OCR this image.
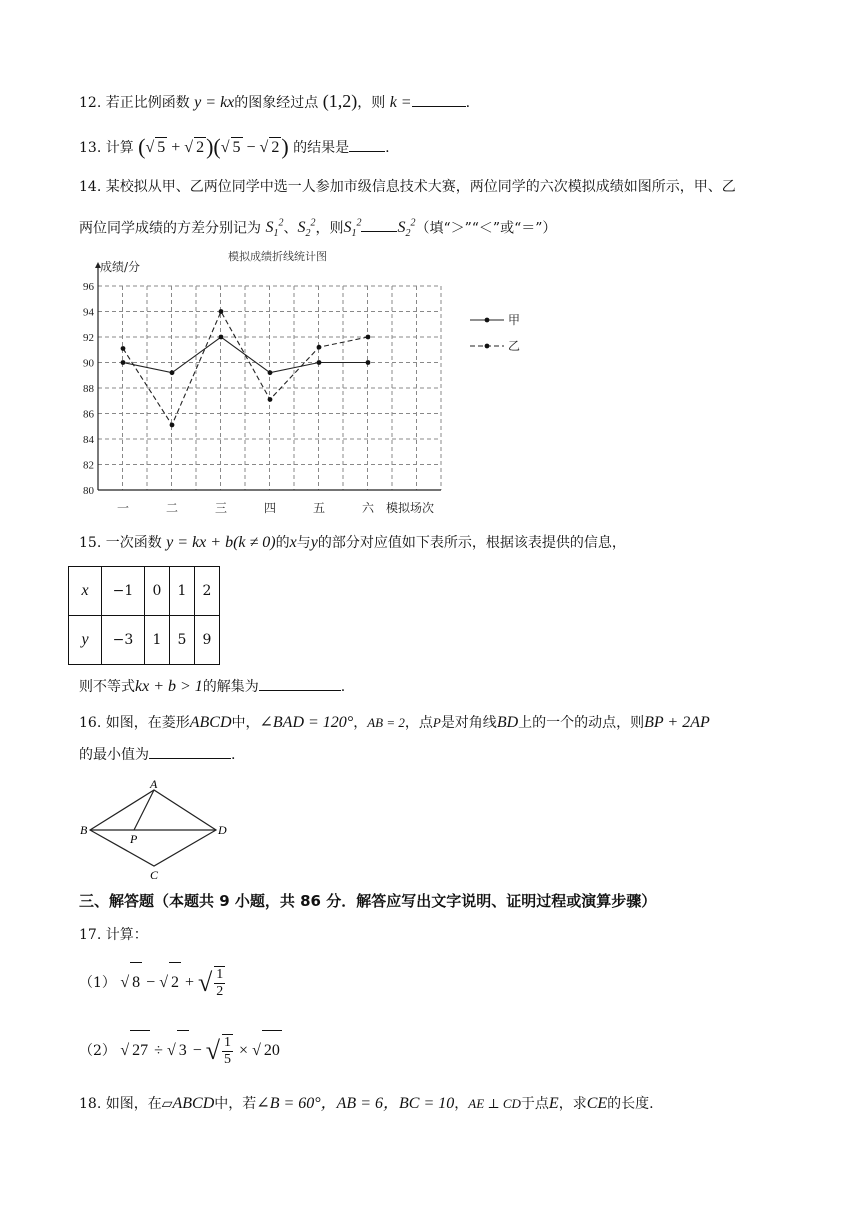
12. 若正比例函数 y = kx的图象经过点 (1,2)，则 k =	.
13. 计算 (√ 5 + √ 2)(√ 5 − √ 2) 的结果是	.
14. 某校拟从甲、乙两位同学中选一人参加市级信息技术大赛，两位同学的六次模拟成绩如图所示，甲、乙
两位同学成绩的方差分别记为 $S_1^2$、$S_2^2$，则$S_1^2$ $S_2^2$（填“＞”“＜”或“＝”）
模拟成绩折线统计图
成绩/分
80
82
84
86
88
90
92
94
96
一	二	三	四	五	六 模拟场次
甲
乙
15. 一次函数 y = kx + b(k ≠ 0)的x与y的部分对应值如下表所示，根据该表提供的信息，
x	−1	0	1	2
y	−3	1	5	9
则不等式kx + b > 1的解集为	.
16. 如图，在菱形ABCD中，∠BAD = 120°，AB = 2，点P是对角线BD上的一个的动点，则BP + 2AP
的最小值为	.
A
B	D
C
P
三、解答题（本题共 9 小题，共 86 分．解答应写出文字说明、证明过程或演算步骤）
17. 计算：
（1） √ 8 − √ 2 + √ $\frac{1}{2}$
（2） √ 27 ÷ √ 3 − √ $\frac{1}{5}$ × √ 20
18. 如图，在▱ABCD中，若∠B = 60°，AB = 6，BC = 10，AE ⊥ CD于点E，求CE的长度.
